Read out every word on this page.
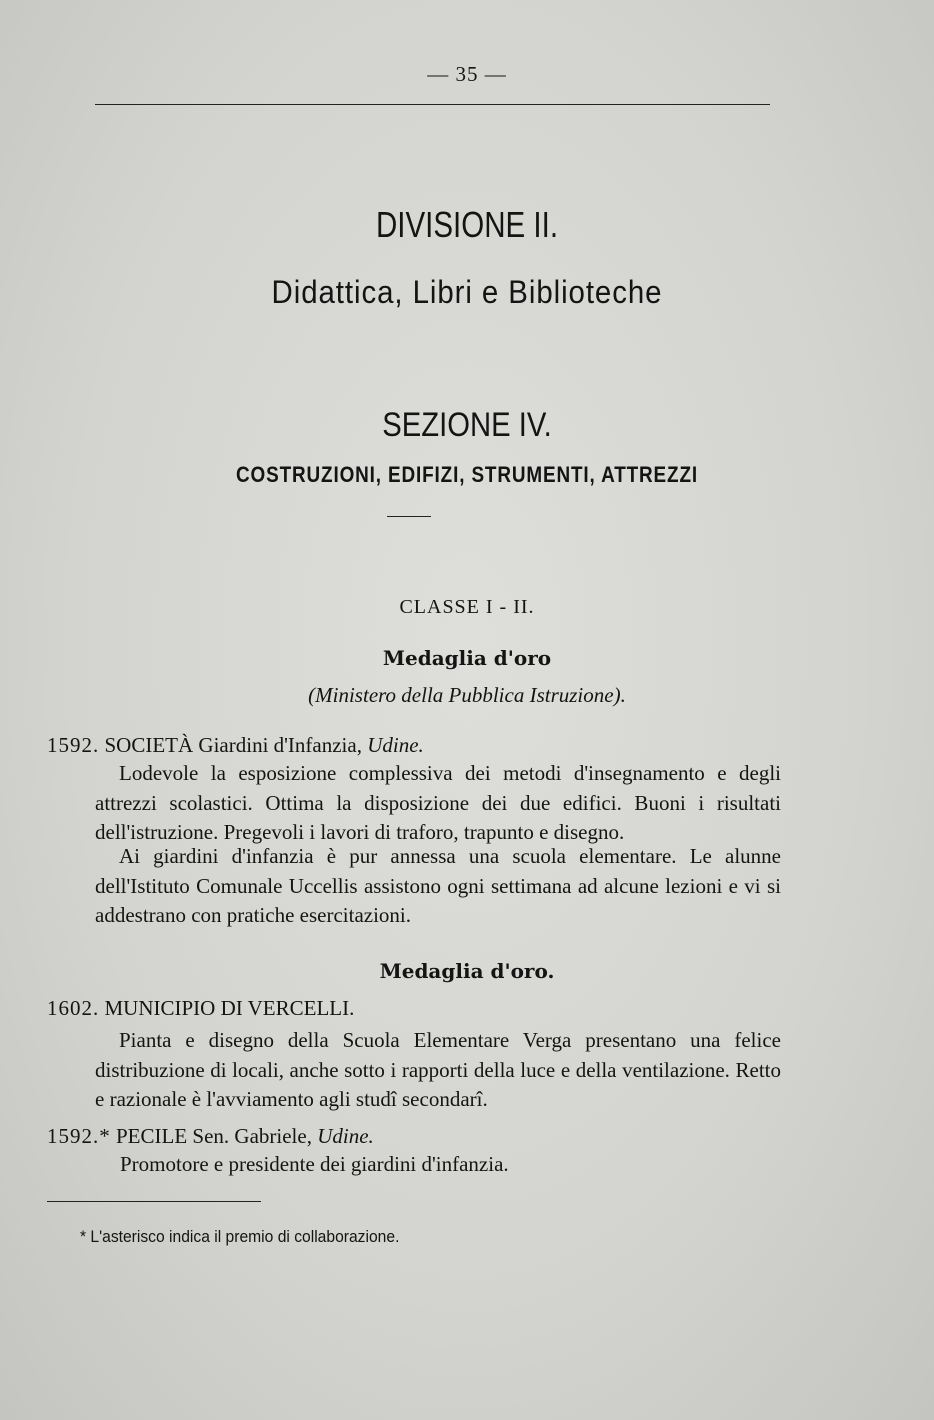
— 35 —
DIVISIONE II.
Didattica, Libri e Biblioteche
SEZIONE IV.
COSTRUZIONI, EDIFIZI, STRUMENTI, ATTREZZI
CLASSE I - II.
Medaglia d'oro
(Ministero della Pubblica Istruzione).
1592. SOCIETÀ Giardini d'Infanzia, Udine.
Lodevole la esposizione complessiva dei metodi d'insegnamento e degli attrezzi scolastici. Ottima la disposizione dei due edifici. Buoni i risultati dell'istruzione. Pregevoli i lavori di traforo, trapunto e disegno.
Ai giardini d'infanzia è pur annessa una scuola elementare. Le alunne dell'Istituto Comunale Uccellis assistono ogni settimana ad alcune lezioni e vi si addestrano con pratiche esercitazioni.
Medaglia d'oro.
1602. MUNICIPIO DI VERCELLI.
Pianta e disegno della Scuola Elementare Verga presentano una felice distribuzione di locali, anche sotto i rapporti della luce e della ventilazione. Retto e razionale è l'avviamento agli studî secondarî.
1592.* PECILE Sen. Gabriele, Udine.
Promotore e presidente dei giardini d'infanzia.
* L'asterisco indica il premio di collaborazione.
